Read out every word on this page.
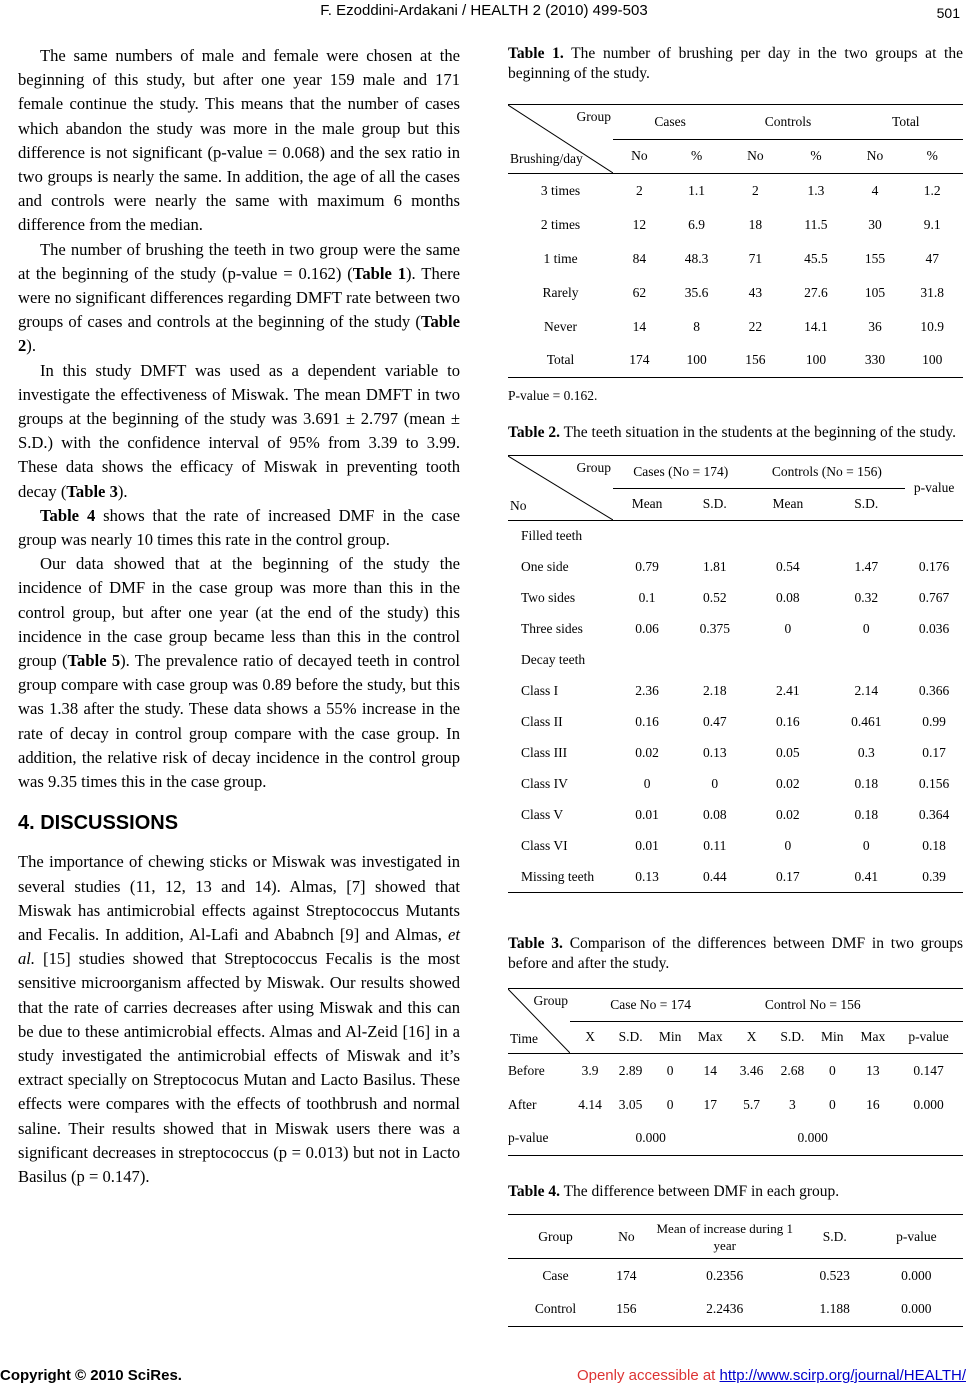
F. Ezoddini-Ardakani / HEALTH 2 (2010) 499-503	501

The same numbers of male and female were chosen at the beginning of this study, but after one year 159 male and 171 female continue the study. This means that the number of cases which abandon the study was more in the male group but this difference is not significant (p-value = 0.068) and the sex ratio in two groups is nearly the same. In addition, the age of all the cases and controls were nearly the same with maximum 6 months difference from the median.

The number of brushing the teeth in two group were the same at the beginning of the study (p-value = 0.162) (Table 1). There were no significant differences regarding DMFT rate between two groups of cases and controls at the beginning of the study (Table 2).

In this study DMFT was used as a dependent variable to investigate the effectiveness of Miswak. The mean DMFT in two groups at the beginning of the study was 3.691 ± 2.797 (mean ± S.D.) with the confidence interval of 95% from 3.39 to 3.99. These data shows the efficacy of Miswak in preventing tooth decay (Table 3).

Table 4 shows that the rate of increased DMF in the case group was nearly 10 times this rate in the control group.

Our data showed that at the beginning of the study the incidence of DMF in the case group was more than this in the control group, but after one year (at the end of the study) this incidence in the case group became less than this in the control group (Table 5). The prevalence ratio of decayed teeth in control group compare with case group was 0.89 before the study, but this was 1.38 after the study. These data shows a 55% increase in the rate of decay in control group compare with the case group. In addition, the relative risk of decay incidence in the control group was 9.35 times this in the case group.

4. DISCUSSIONS

The importance of chewing sticks or Miswak was investigated in several studies (11, 12, 13 and 14). Almas, [7] showed that Miswak has antimicrobial effects against Streptococcus Mutants and Fecalis. In addition, Al-Lafi and Ababnch [9] and Almas, et al. [15] studies showed that Streptococcus Fecalis is the most sensitive microorganism affected by Miswak. Our results showed that the rate of carries decreases after using Miswak and this can be due to these antimicrobial effects. Almas and Al-Zeid [16] in a study investigated the antimicrobial effects of Miswak and it’s extract specially on Streptococus Mutan and Lacto Basilus. These effects were compares with the effects of toothbrush and normal saline. Their results showed that in Miswak users there was a significant decreases in streptococcus (p = 0.013) but not in Lacto Basilus (p = 0.147).

Table 1. The number of brushing per day in the two groups at the beginning of the study.
Group
Brushing/day	Cases		Controls		Total	
	No	%	No	%	No	%
3 times	2	1.1	2	1.3	4	1.2
2 times	12	6.9	18	11.5	30	9.1
1 time	84	48.3	71	45.5	155	47
Rarely	62	35.6	43	27.6	105	31.8
Never	14	8	22	14.1	36	10.9
Total	174	100	156	100	330	100
P-value = 0.162.
Table 2. The teeth situation in the students at the beginning of the study.
Group
No	Cases (No = 174)		Controls (No = 156)		p-value
	Mean	S.D.	Mean	S.D.	
Filled teeth					
One side	0.79	1.81	0.54	1.47	0.176
Two sides	0.1	0.52	0.08	0.32	0.767
Three sides	0.06	0.375	0	0	0.036
Decay teeth					
Class I	2.36	2.18	2.41	2.14	0.366
Class II	0.16	0.47	0.16	0.461	0.99
Class III	0.02	0.13	0.05	0.3	0.17
Class IV	0	0	0.02	0.18	0.156
Class V	0.01	0.08	0.02	0.18	0.364
Class VI	0.01	0.11	0	0	0.18
Missing teeth	0.13	0.44	0.17	0.41	0.39
Table 3. Comparison of the differences between DMF in two groups before and after the study.
Group
Time	Case No = 174				Control No = 156				
	X	S.D.	Min	Max	X	S.D.	Min	Max	p-value
Before	3.9	2.89	0	14	3.46	2.68	0	13	0.147
After	4.14	3.05	0	17	5.7	3	0	16	0.000
p-value	0.000				0.000				
Table 4. The difference between DMF in each group.
Group	No	Mean of increase during 1 year	S.D.	p-value
Case	174	0.2356	0.523	0.000
Control	156	2.2436	1.188	0.000
Copyright © 2010 SciRes.	Openly accessible at http://www.scirp.org/journal/HEALTH/
